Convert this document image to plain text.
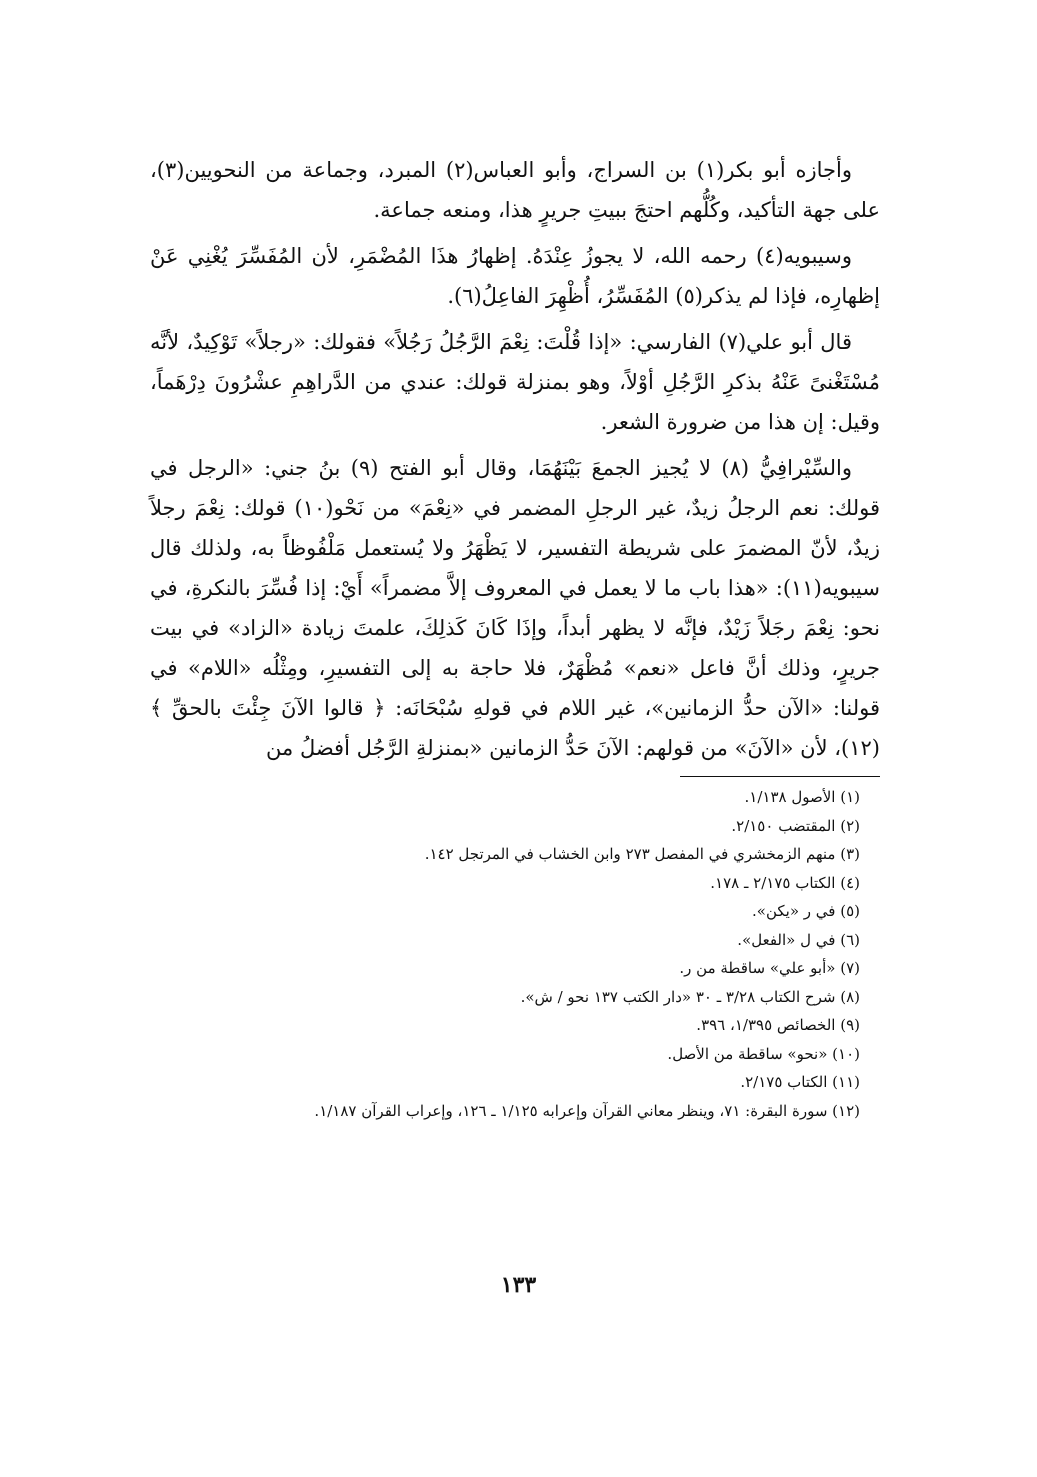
وأجازه أبو بكر(١) بن السراج، وأبو العباس(٢) المبرد، وجماعة من النحويين(٣)، على جهة التأكيد، وكُلُّهم احتجَ ببيتِ جريرٍ هذا، ومنعه جماعة.

وسيبويه(٤) رحمه الله، لا يجوزُ عِنْدَهُ. إظهارُ هذَا المُضْمَرِ، لأن المُفَسِّرَ يُغْنِي عَنْ إظهارِه، فإذا لم يذكر(٥) المُفَسِّرُ، أُظْهِرَ الفاعِلُ(٦).

قال أبو علي(٧) الفارسي: «إذا قُلْتَ: نِعْمَ الرَّجُلُ رَجُلاً» فقولك: «رجلاً» تَوْكِيدٌ، لأنَّه مُسْتَغْنىً عَنْهُ بذكرِ الرَّجُلِ أوْلاً، وهو بمنزلة قولك: عندي من الدَّراهِمِ عشْرُونَ دِرْهَماً، وقيل: إن هذا من ضرورة الشعر.

والسِّيْرافِيُّ (٨) لا يُجيز الجمعَ بَيْنَهُمَا، وقال أبو الفتح (٩) بنُ جني: «الرجل في قولك: نعم الرجلُ زيدٌ، غير الرجلِ المضمر في «نِعْمَ» من نَحْو(١٠) قولك: نِعْمَ رجلاً زيدٌ، لأنّ المضمرَ على شريطة التفسير، لا يَظْهَرُ ولا يُستعمل مَلْفُوظاً به، ولذلك قال سيبويه(١١): «هذا باب ما لا يعمل في المعروف إلاَّ مضمراً» أَيْ: إذا فُسِّرَ بالنكرةِ، في نحو: نِعْمَ رجَلاً زَيْدٌ، فإنَّه لا يظهر أبداً، وإذَا كَانَ كَذلِكَ، علمتَ زيادة «الزاد» في بيت جريرٍ، وذلك أنَّ فاعل «نعم» مُظْهَرٌ، فلا حاجة به إلى التفسيرِ، ومِثْلُه «اللام» في قولنا: «الآن حدُّ الزمانين»، غير اللام في قولهِ سُبْحَانَه: ﴿ قالوا الآنَ جِئْتَ بالحقِّ ﴾(١٢)، لأن «الآنَ» من قولهم: الآنَ حَدُّ الزمانين «بمنزلةِ الرَّجُل أفضلُ من

(١) الأصول ١/١٣٨.
(٢) المقتضب ٢/١٥٠.
(٣) منهم الزمخشري في المفصل ٢٧٣ وابن الخشاب في المرتجل ١٤٢.
(٤) الكتاب ٢/١٧٥ ـ ١٧٨.
(٥) في ر «يكن».
(٦) في ل «الفعل».
(٧) «أبو علي» ساقطة من ر.
(٨) شرح الكتاب ٣/٢٨ ـ ٣٠ «دار الكتب ١٣٧ نحو / ش».
(٩) الخصائص ١/٣٩٥، ٣٩٦.
(١٠) «نحو» ساقطة من الأصل.
(١١) الكتاب ٢/١٧٥.
(١٢) سورة البقرة: ٧١، وينظر معاني القرآن وإعرابه ١/١٢٥ ـ ١٢٦، وإعراب القرآن ١/١٨٧.
١٣٣
